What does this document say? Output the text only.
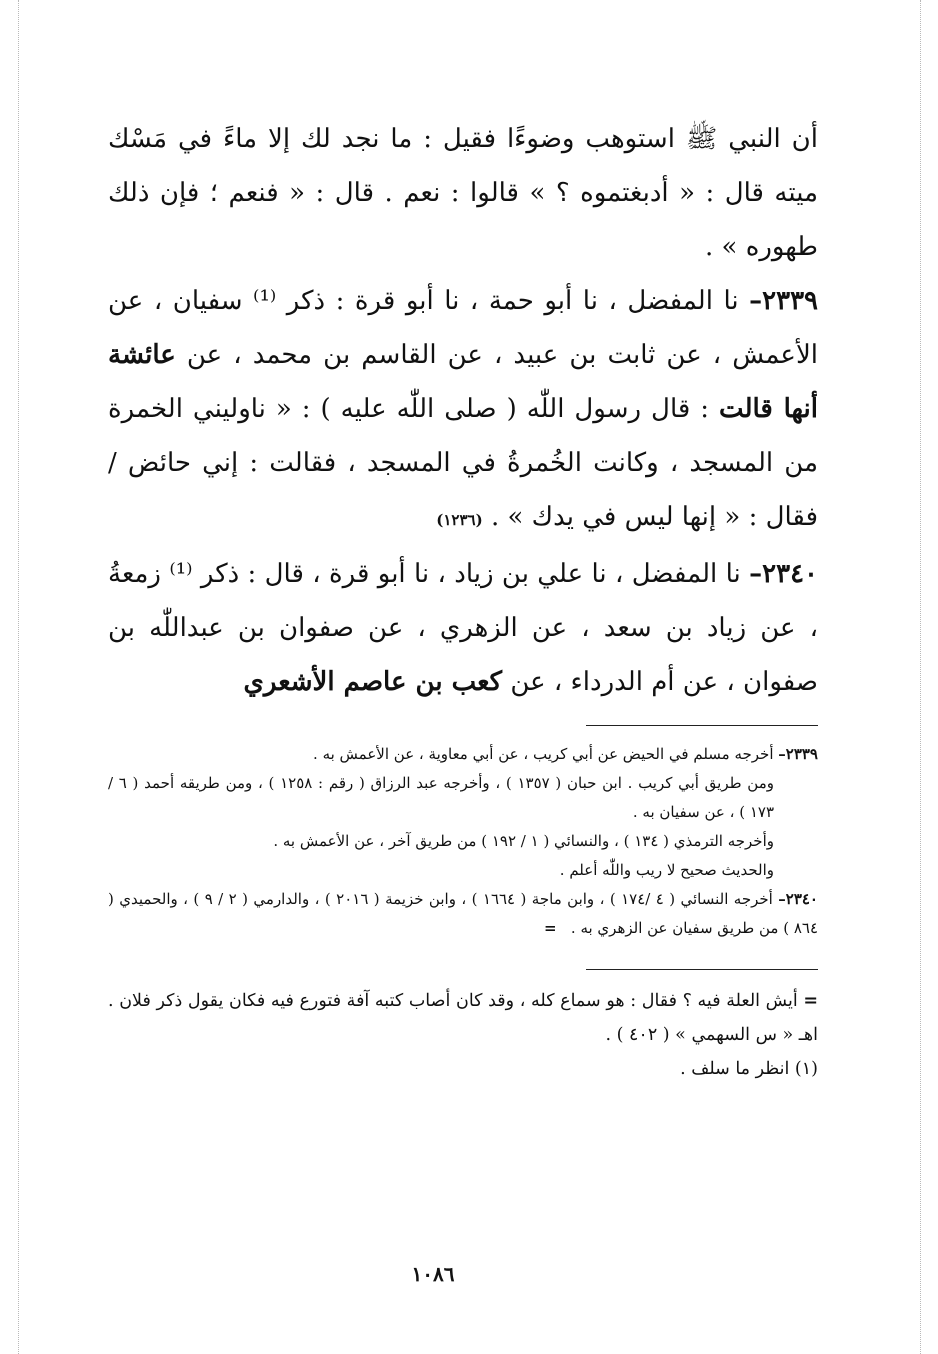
أن النبي ﷺ استوهب وضوءًا فقيل : ما نجد لك إلا ماءً في مَسْك ميته قال : « أدبغتموه ؟ » قالوا : نعم . قال : « فنعم ؛ فإن ذلك طهوره » .

٢٣٣٩– نا المفضل ، نا أبو حمة ، نا أبو قرة : ذكر ⁽¹⁾ سفيان ، عن الأعمش ، عن ثابت بن عبيد ، عن القاسم بن محمد ، عن عائشة أنها قالت : قال رسول اللّٰه ( صلى اللّٰه عليه ) : « ناوليني الخمرة من المسجد ، وكانت الخُمرةُ في المسجد ، فقالت : إني حائض / فقال : « إنها ليس في يدك » . (١٢٣٦)

٢٣٤٠– نا المفضل ، نا علي بن زياد ، نا أبو قرة ، قال : ذكر ⁽¹⁾ زمعةُ ، عن زياد بن سعد ، عن الزهري ، عن صفوان بن عبداللّٰه بن صفوان ، عن أم الدرداء ، عن كعب بن عاصم الأشعري

٢٣٣٩– أخرجه مسلم في الحيض عن أبي كريب ، عن أبي معاوية ، عن الأعمش به .

ومن طريق أبي كريب . ابن حبان ( ١٣٥٧ ) ، وأخرجه عبد الرزاق ( رقم : ١٢٥٨ ) ، ومن طريقه أحمد ( ٦ / ١٧٣ ) ، عن سفيان به .

وأخرجه الترمذي ( ١٣٤ ) ، والنسائي ( ١ / ١٩٢ ) من طريق آخر ، عن الأعمش به .

والحديث صحيح لا ريب واللّٰه أعلم .

٢٣٤٠– أخرجه النسائي ( ٤ /١٧٤ ) ، وابن ماجة ( ١٦٦٤ ) ، وابن خزيمة ( ٢٠١٦ ) ، والدارمي ( ٢ / ٩ ) ، والحميدي ( ٨٦٤ ) من طريق سفيان عن الزهري به .   =

= أيش العلة فيه ؟ فقال : هو سماع كله ، وقد كان أصاب كتبه آفة فتورع فيه فكان يقول ذكر فلان . اهـ « س السهمي » ( ٤٠٢ ) .

(١) انظر ما سلف .

١٠٨٦
